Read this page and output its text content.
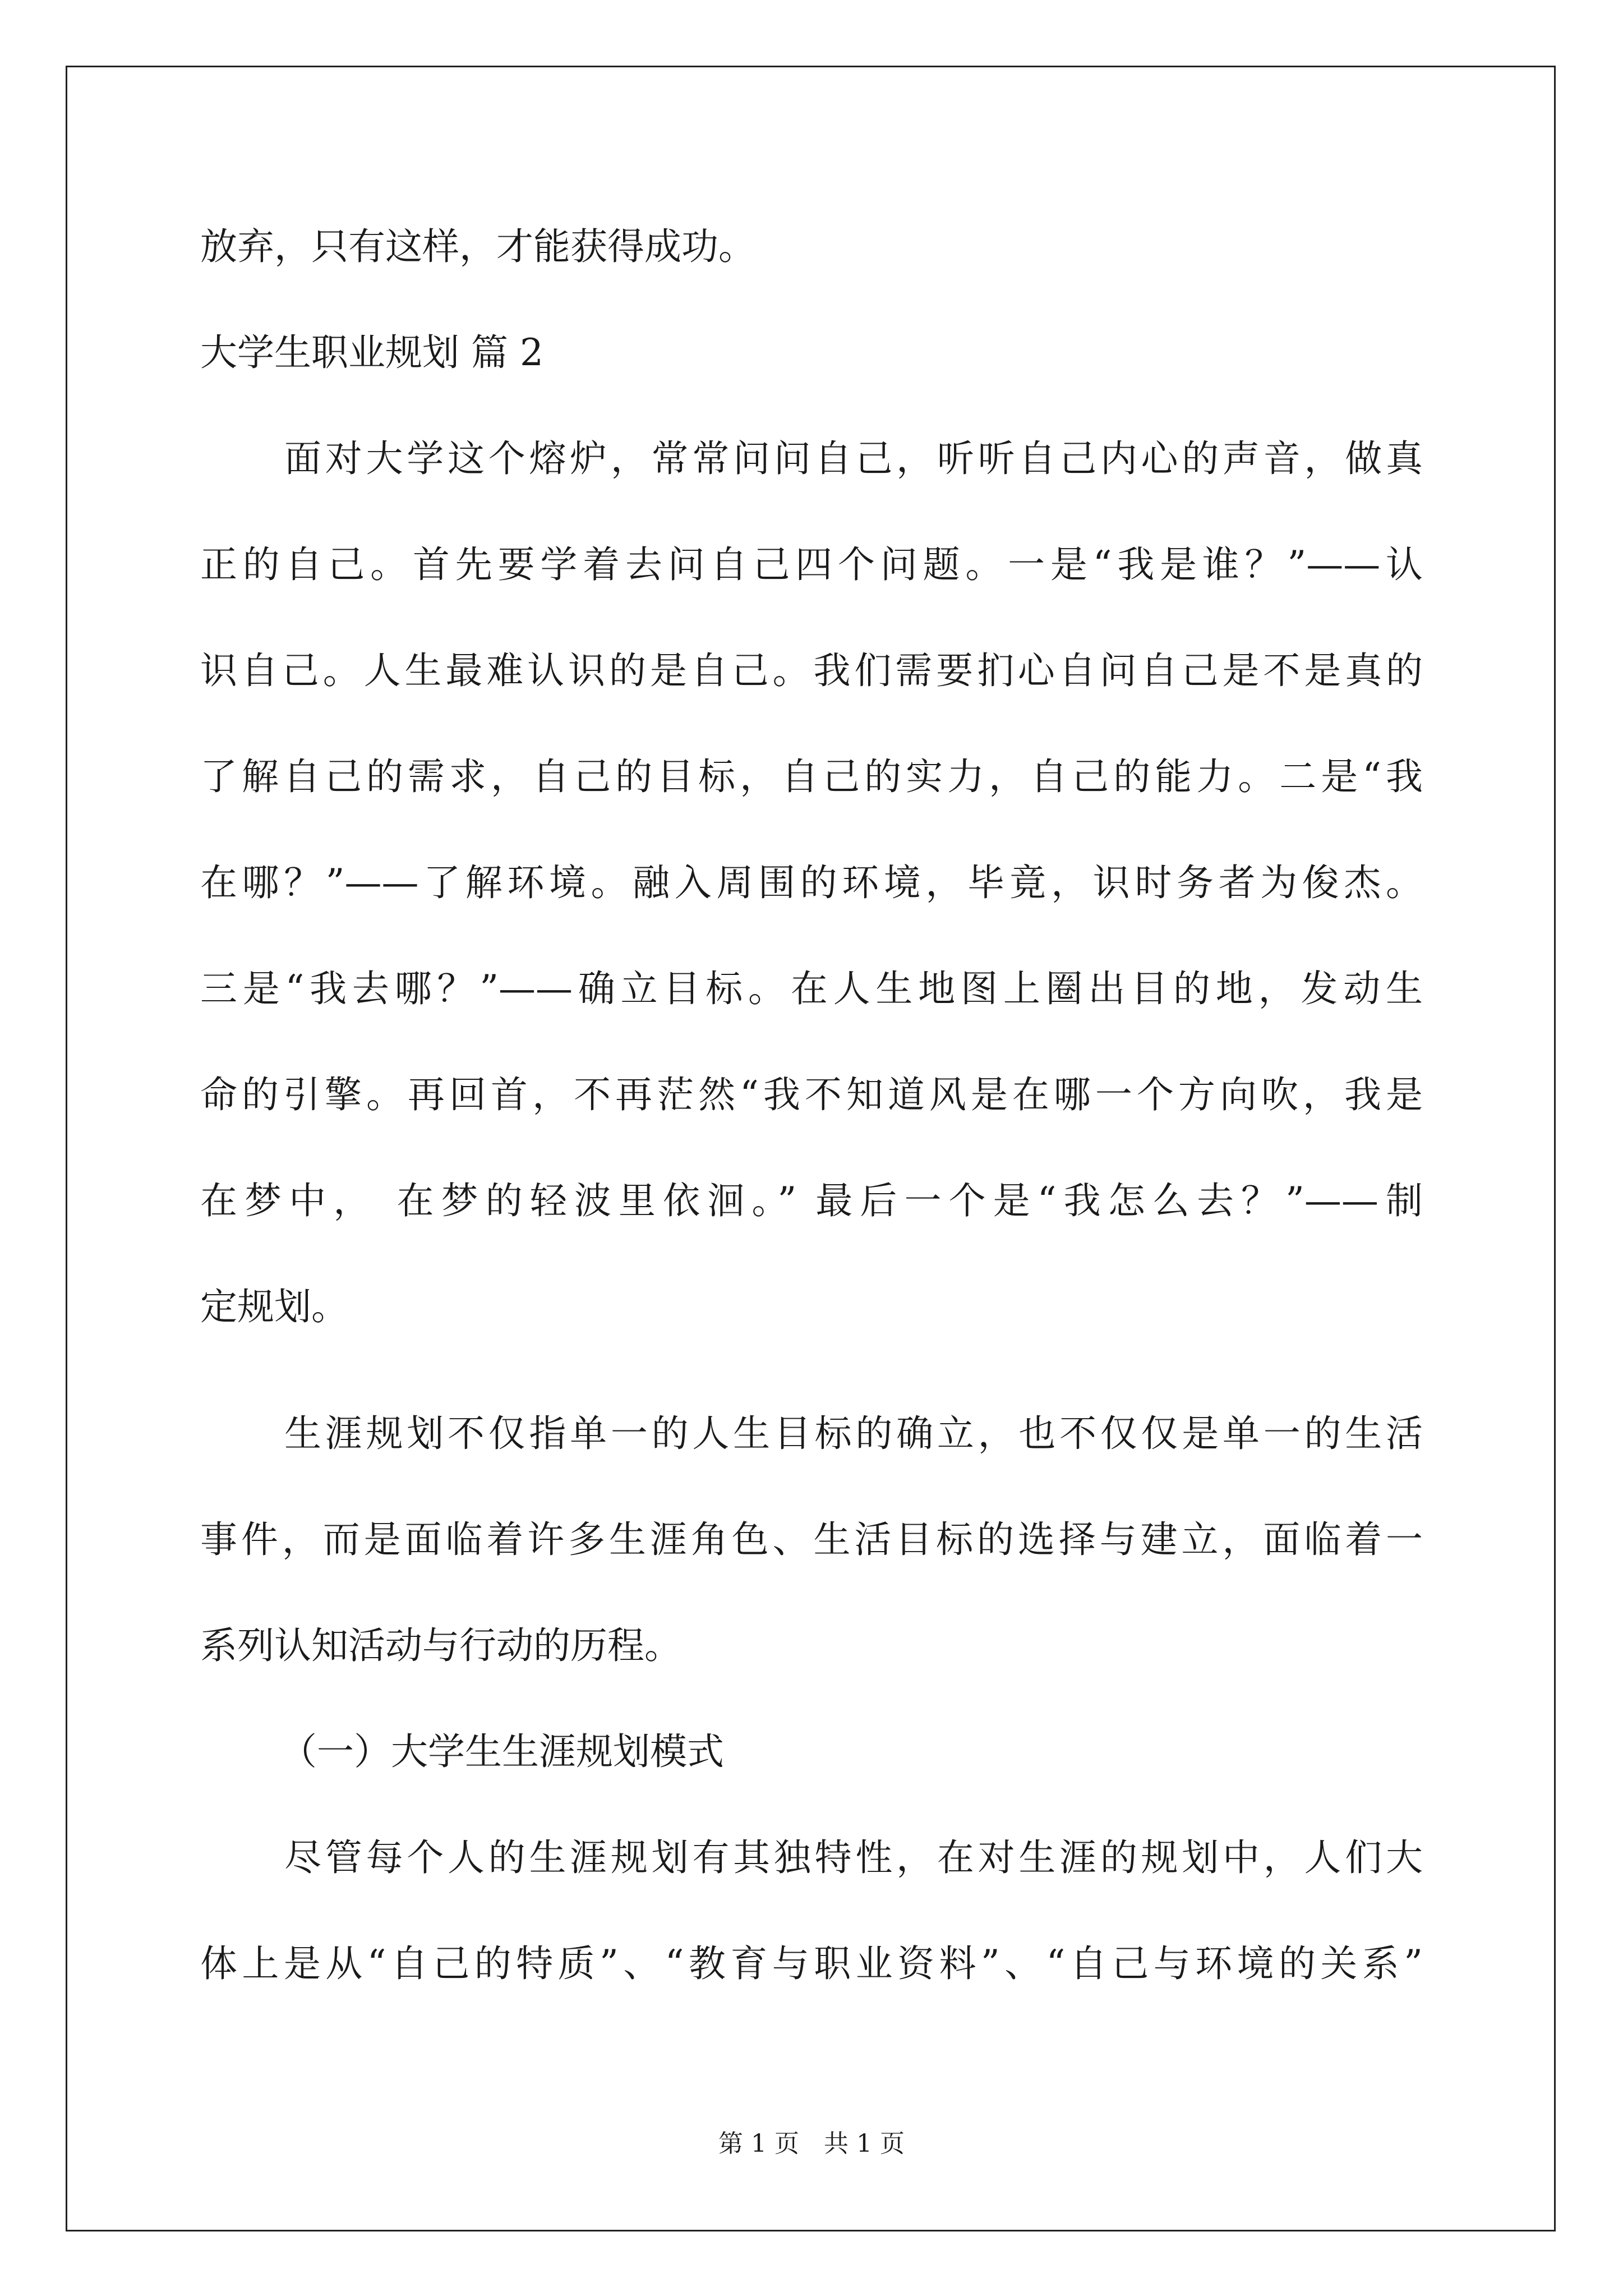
放弃，只有这样，才能获得成功。
大学生职业规划 篇 2
面对大学这个熔炉，常常问问自己，听听自己内心的声音，做真
正的自己。首先要学着去问自己四个问题。一是“我是谁？”——认
识自己。人生最难认识的是自己。我们需要扪心自问自己是不是真的
了解自己的需求，自己的目标，自己的实力，自己的能力。二是“我
在哪？”——了解环境。融入周围的环境，毕竟，识时务者为俊杰。
三是“我去哪？”——确立目标。在人生地图上圈出目的地，发动生
命的引擎。再回首，不再茫然“我不知道风是在哪一个方向吹，我是
在梦中， 在梦的轻波里依洄。” 最后一个是“我怎么去？”——制
定规划。
生涯规划不仅指单一的人生目标的确立，也不仅仅是单一的生活
事件，而是面临着许多生涯角色、生活目标的选择与建立，面临着一
系列认知活动与行动的历程。
（一）大学生生涯规划模式
尽管每个人的生涯规划有其独特性，在对生涯的规划中，人们大
体上是从“自己的特质”、“教育与职业资料”、“自己与环境的关系”
第 1 页　共 1 页
